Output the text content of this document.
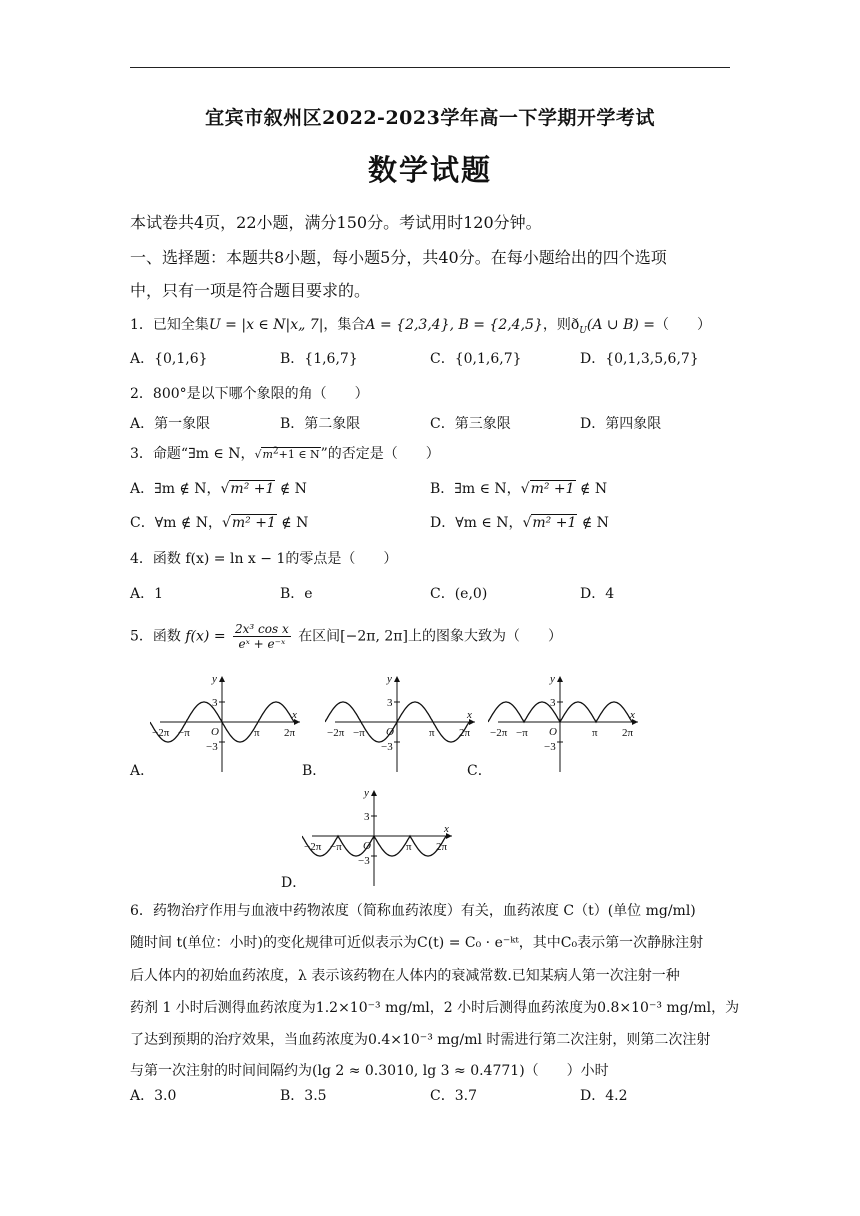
宜宾市叙州区2022-2023学年高一下学期开学考试
数学试题
本试卷共4页，22小题，满分150分。考试用时120分钟。
一、选择题：本题共8小题，每小题5分，共40分。在每小题给出的四个选项
中，只有一项是符合题目要求的。
1．已知全集U = |x ∈ N|x„ 7|，集合A = {2,3,4}, B = {2,4,5}，则$ð_U(A$ ∪ B) =（　　）
A．{0,1,6}	B．{1,6,7}	C．{0,1,6,7}	D．{0,1,3,5,6,7}
2．800°是以下哪个象限的角（　　）
A．第一象限	B．第二象限	C．第三象限	D．第四象限
3．命题“∃m ∈ N，$√m^2+1$ ∈ N”的否定是（　　）
A．∃m ∉ N，√m² +1 ∉ N	B．∃m ∈ N，√m² +1 ∉ N
C．∀m ∉ N，√m² +1 ∉ N	D．∀m ∈ N，√m² +1 ∉ N
4．函数 f(x) = ln x − 1的零点是（　　）
A．1	B．e	C．(e,0)	D．4
5．函数 $f(x) = \frac{\text{2x³ cos x}}{\text{eˣ + e⁻ˣ}}$ 在区间[−2π, 2π]上的图象大致为（　　）
A．	B．	C．
D．
y
x
3
−3
O
−2π −π	π 2π
y
x
3
−3
O
−2π −π	π 2π
y
x
3
−3
O
−2π −π	π 2π
y
x
3
−3
O
−2π −π	π 2π
6．药物治疗作用与血液中药物浓度（简称血药浓度）有关，血药浓度 C（t）(单位 mg/ml)
随时间 t(单位：小时)的变化规律可近似表示为C(t) = C₀ · e⁻ᵏᵗ，其中C₀表示第一次静脉注射
后人体内的初始血药浓度，λ 表示该药物在人体内的衰减常数.已知某病人第一次注射一种
药剂 1 小时后测得血药浓度为1.2×10⁻³ mg/ml，2 小时后测得血药浓度为0.8×10⁻³ mg/ml，为
了达到预期的治疗效果，当血药浓度为0.4×10⁻³ mg/ml 时需进行第二次注射，则第二次注射
与第一次注射的时间间隔约为(lg 2 ≈ 0.3010, lg 3 ≈ 0.4771)（　　）小时
A．3.0	B．3.5	C．3.7	D．4.2
